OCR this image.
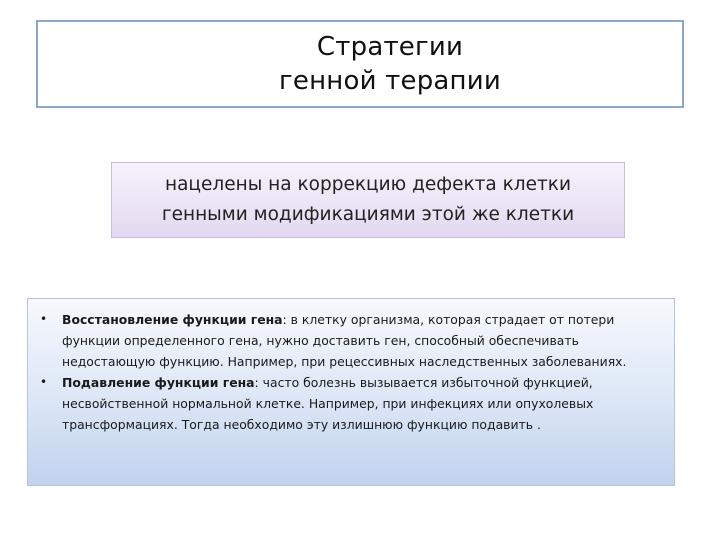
Стратегии
генной терапии
нацелены на коррекцию дефекта клетки
генными модификациями этой же клетки
•	Восстановление функции гена: в клетку организма, которая страдает от потери функции определенного гена, нужно доставить ген, способный обеспечивать недостающую функцию. Например, при рецессивных наследственных заболеваниях.
•	Подавление функции гена: часто болезнь вызывается избыточной функцией, несвойственной нормальной клетке. Например, при инфекциях или опухолевых трансформациях. Тогда необходимо эту излишнюю функцию подавить .
